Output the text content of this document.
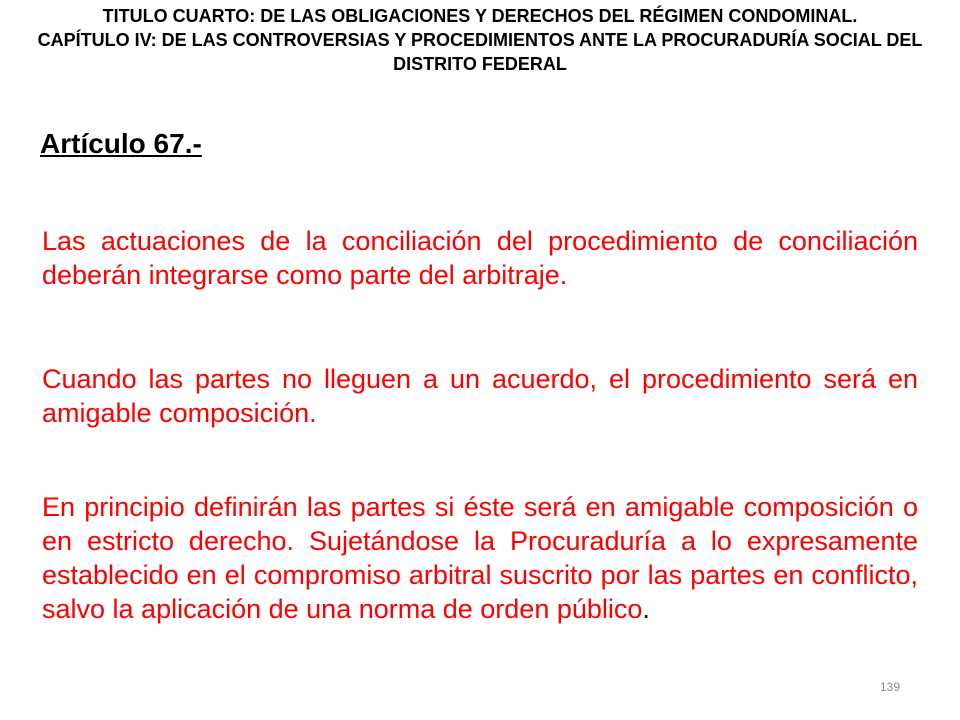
TITULO CUARTO: DE LAS OBLIGACIONES Y DERECHOS DEL RÉGIMEN CONDOMINAL.
CAPÍTULO IV: DE LAS CONTROVERSIAS Y PROCEDIMIENTOS ANTE LA PROCURADURÍA SOCIAL DEL DISTRITO FEDERAL
Artículo 67.-

Las actuaciones de la conciliación del procedimiento de conciliación deberán integrarse como parte del arbitraje.

Cuando las partes no lleguen a un acuerdo, el procedimiento será en amigable composición.

En principio definirán las partes si éste será en amigable composición o en estricto derecho. Sujetándose la Procuraduría a lo expresamente establecido en el compromiso arbitral suscrito por las partes en conflicto, salvo la aplicación de una norma de orden público.

139
